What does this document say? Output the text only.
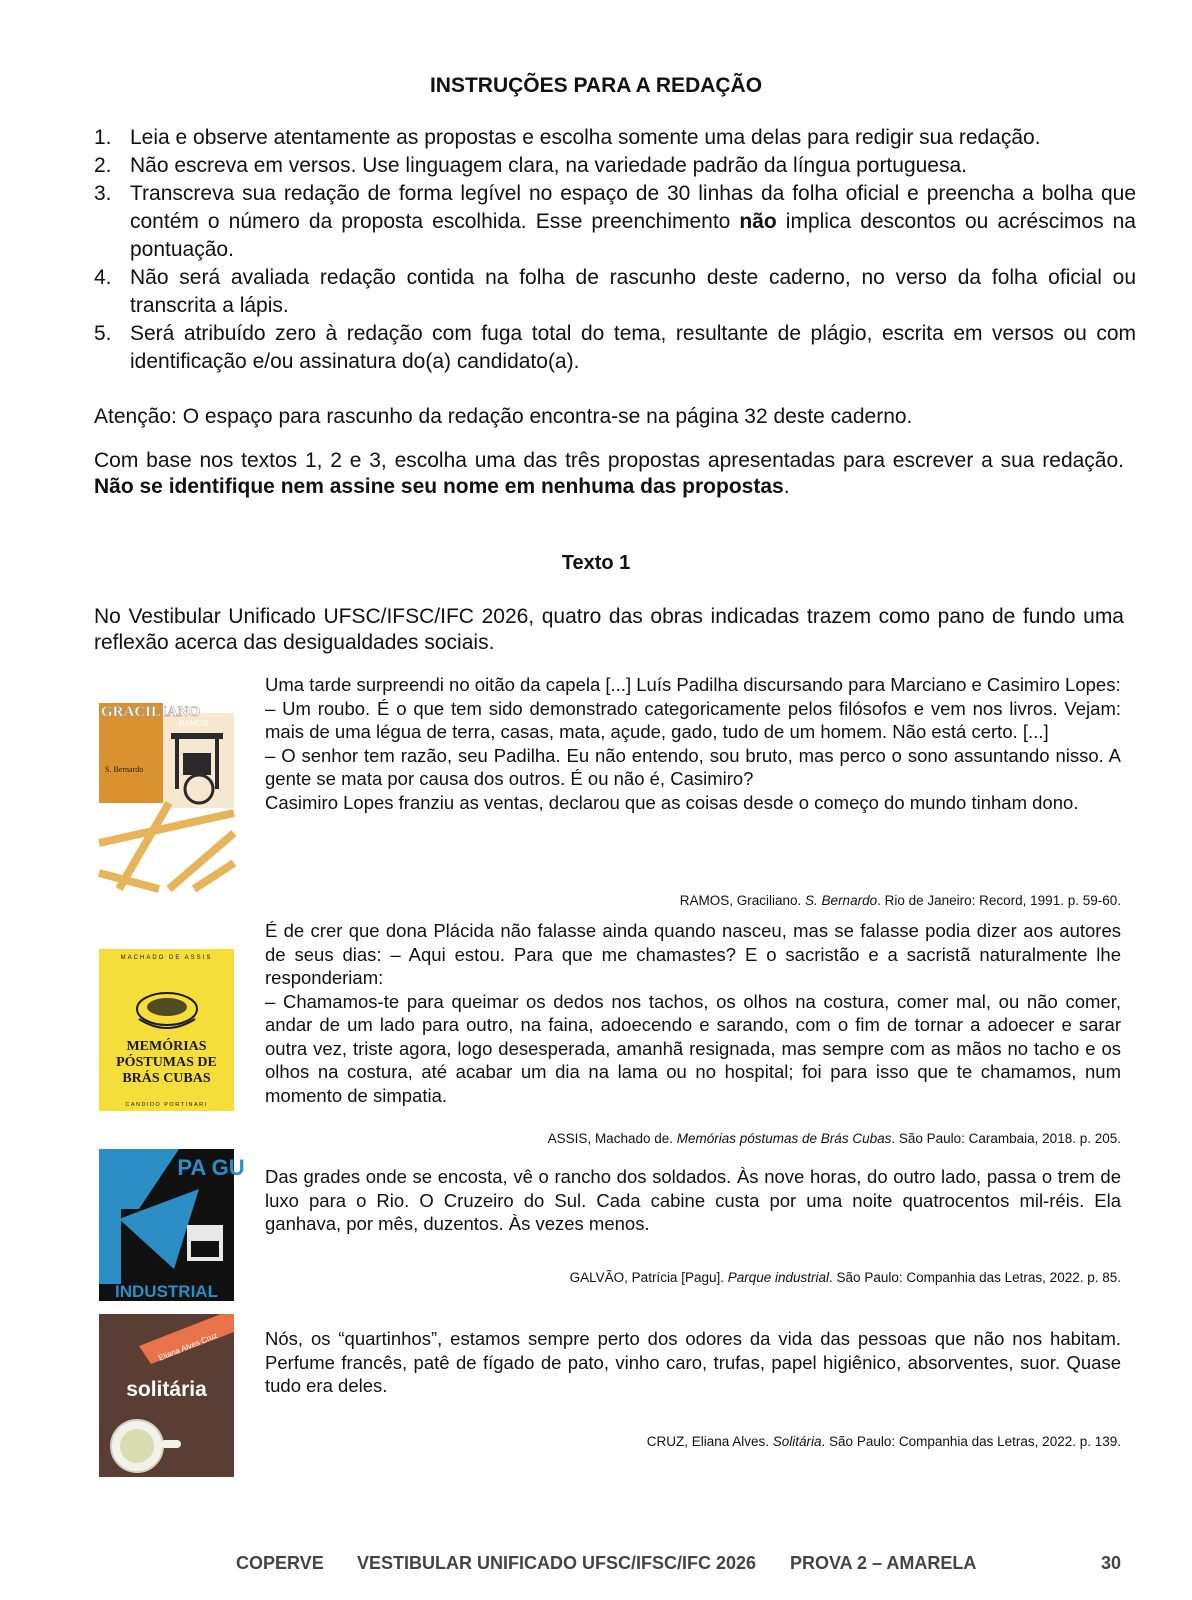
INSTRUÇÕES PARA A REDAÇÃO
1. Leia e observe atentamente as propostas e escolha somente uma delas para redigir sua redação.
2. Não escreva em versos. Use linguagem clara, na variedade padrão da língua portuguesa.
3. Transcreva sua redação de forma legível no espaço de 30 linhas da folha oficial e preencha a bolha que contém o número da proposta escolhida. Esse preenchimento não implica descontos ou acréscimos na pontuação.
4. Não será avaliada redação contida na folha de rascunho deste caderno, no verso da folha oficial ou transcrita a lápis.
5. Será atribuído zero à redação com fuga total do tema, resultante de plágio, escrita em versos ou com identificação e/ou assinatura do(a) candidato(a).

Atenção: O espaço para rascunho da redação encontra-se na página 32 deste caderno.

Com base nos textos 1, 2 e 3, escolha uma das três propostas apresentadas para escrever a sua redação. Não se identifique nem assine seu nome em nenhuma das propostas.

Texto 1

No Vestibular Unificado UFSC/IFSC/IFC 2026, quatro das obras indicadas trazem como pano de fundo uma reflexão acerca das desigualdades sociais.

GRACILIANO
RAMOS
S. Bernardo

Uma tarde surpreendi no oitão da capela [...] Luís Padilha discursando para Marciano e Casimiro Lopes:

– Um roubo. É o que tem sido demonstrado categoricamente pelos filósofos e vem nos livros. Vejam: mais de uma légua de terra, casas, mata, açude, gado, tudo de um homem. Não está certo. [...]

– O senhor tem razão, seu Padilha. Eu não entendo, sou bruto, mas perco o sono assuntando nisso. A gente se mata por causa dos outros. É ou não é, Casimiro?

Casimiro Lopes franziu as ventas, declarou que as coisas desde o começo do mundo tinham dono.

RAMOS, Graciliano. S. Bernardo. Rio de Janeiro: Record, 1991. p. 59-60.
MACHADO DE ASSIS
MEMÓRIAS
PÓSTUMAS DE
BRÁS CUBAS
CANDIDO PORTINARI

É de crer que dona Plácida não falasse ainda quando nasceu, mas se falasse podia dizer aos autores de seus dias: – Aqui estou. Para que me chamastes? E o sacristão e a sacristã naturalmente lhe responderiam:

– Chamamos-te para queimar os dedos nos tachos, os olhos na costura, comer mal, ou não comer, andar de um lado para outro, na faina, adoecendo e sarando, com o fim de tornar a adoecer e sarar outra vez, triste agora, logo desesperada, amanhã resignada, mas sempre com as mãos no tacho e os olhos na costura, até acabar um dia na lama ou no hospital; foi para isso que te chamamos, num momento de simpatia.

ASSIS, Machado de. Memórias póstumas de Brás Cubas. São Paulo: Carambaia, 2018. p. 205.
PA GU
INDUSTRIAL

Das grades onde se encosta, vê o rancho dos soldados. Às nove horas, do outro lado, passa o trem de luxo para o Rio. O Cruzeiro do Sul. Cada cabine custa por uma noite quatrocentos mil-réis. Ela ganhava, por mês, duzentos. Às vezes menos.

GALVÃO, Patrícia [Pagu]. Parque industrial. São Paulo: Companhia das Letras, 2022. p. 85.
Eliana Alves Cruz
solitária

Nós, os “quartinhos”, estamos sempre perto dos odores da vida das pessoas que não nos habitam. Perfume francês, patê de fígado de pato, vinho caro, trufas, papel higiênico, absorventes, suor. Quase tudo era deles.

CRUZ, Eliana Alves. Solitária. São Paulo: Companhia das Letras, 2022. p. 139.
COPERVE VESTIBULAR UNIFICADO UFSC/IFSC/IFC 2026 PROVA 2 – AMARELA	30
